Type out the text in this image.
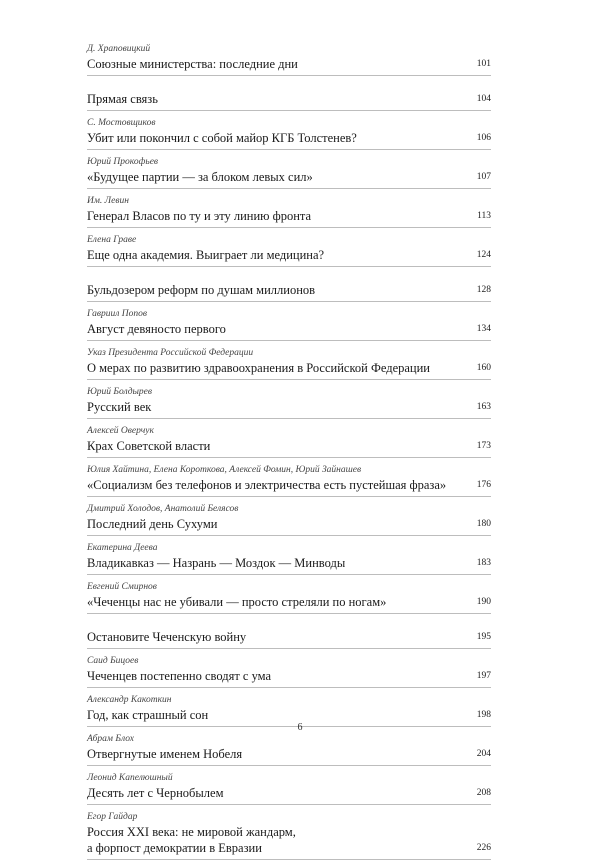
Д. Храповицкий
Союзные министерства: последние дни	101
Прямая связь	104
С. Мостовщиков
Убит или покончил с собой майор КГБ Толстенев?	106
Юрий Прокофьев
«Будущее партии — за блоком левых сил»	107
Им. Левин
Генерал Власов по ту и эту линию фронта	113
Елена Граве
Еще одна академия. Выиграет ли медицина?	124
Бульдозером реформ по душам миллионов	128
Гавриил Попов
Август девяносто первого	134
Указ Президента Российской Федерации
О мерах по развитию здравоохранения в Российской Федерации	160
Юрий Болдырев
Русский век	163
Алексей Оверчук
Крах Советской власти	173
Юлия Хайтина, Елена Короткова, Алексей Фомин, Юрий Зайнашев
«Социализм без телефонов и электричества есть пустейшая фраза»	176
Дмитрий Холодов, Анатолий Белясов
Последний день Сухуми	180
Екатерина Деева
Владикавказ — Назрань — Моздок — Минводы	183
Евгений Смирнов
«Чеченцы нас не убивали — просто стреляли по ногам»	190
Остановите Чеченскую войну	195
Саид Бицоев
Чеченцев постепенно сводят с ума	197
Александр Какоткин
Год, как страшный сон	198
Абрам Блох
Отвергнутые именем Нобеля	204
Леонид Капелюшный
Десять лет с Чернобылем	208
Егор Гайдар
Россия XXI века: не мировой жандарм,
а форпост демократии в Евразии	226
6
